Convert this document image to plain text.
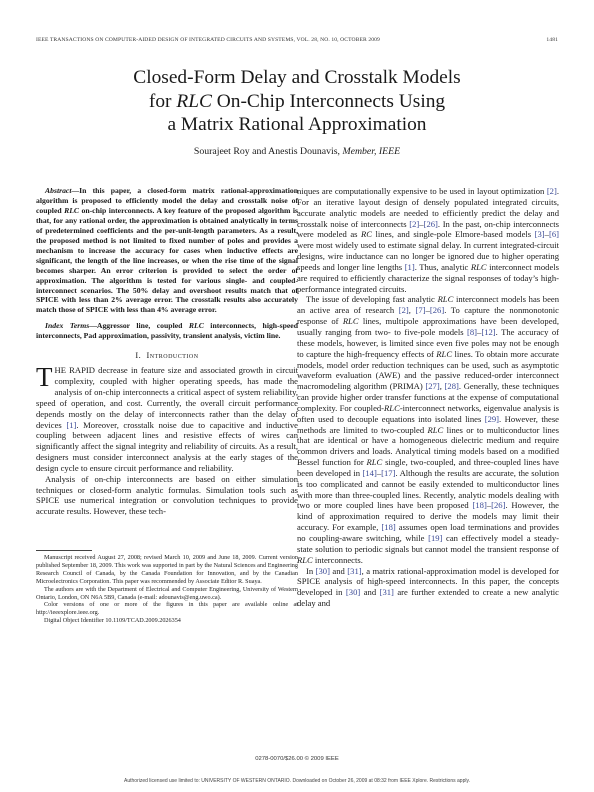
IEEE TRANSACTIONS ON COMPUTER-AIDED DESIGN OF INTEGRATED CIRCUITS AND SYSTEMS, VOL. 28, NO. 10, OCTOBER 2009	1481
Closed-Form Delay and Crosstalk Models
for RLC On-Chip Interconnects Using
a Matrix Rational Approximation
Sourajeet Roy and Anestis Dounavis, Member, IEEE

Abstract—In this paper, a closed-form matrix rational-approximation algorithm is proposed to efficiently model the delay and crosstalk noise of coupled RLC on-chip interconnects. A key feature of the proposed algorithm is that, for any rational order, the approximation is obtained analytically in terms of predetermined coefficients and the per-unit-length parameters. As a result, the proposed method is not limited to fixed number of poles and provides a mechanism to increase the accuracy for cases when inductive effects are significant, the length of the line increases, or when the rise time of the signal becomes sharper. An error criterion is provided to select the order of approximation. The algorithm is tested for various single- and coupled-interconnect scenarios. The 50% delay and overshoot results match that of SPICE with less than 2% average error. The crosstalk results also accurately match those of SPICE with less than 4% average error.

Index Terms—Aggressor line, coupled RLC interconnects, high-speed interconnects, Pad approximation, passivity, transient analysis, victim line.

I. Introduction

THE RAPID decrease in feature size and associated growth in circuit complexity, coupled with higher operating speeds, has made the analysis of on-chip interconnects a critical aspect of system reliability, speed of operation, and cost. Currently, the overall circuit performance depends mostly on the delay of interconnects rather than the delay of devices [1]. Moreover, crosstalk noise due to capacitive and inductive coupling between adjacent lines and resistive effects of wires can significantly affect the signal integrity and reliability of circuits. As a result, designers must consider interconnect analysis at the early stages of the design cycle to ensure circuit performance and reliability.

Analysis of on-chip interconnects are based on either simulation techniques or closed-form analytic formulas. Simulation tools such as SPICE use numerical integration or convolution techniques to provide accurate results. However, these tech-

Manuscript received August 27, 2008; revised March 10, 2009 and June 18, 2009. Current version published September 18, 2009. This work was supported in part by the Natural Sciences and Engineering Research Council of Canada, by the Canada Foundation for Innovation, and by the Canadian Microelectronics Corporation. This paper was recommended by Associate Editor R. Suaya.

The authors are with the Department of Electrical and Computer Engineering, University of Western Ontario, London, ON N6A 5B9, Canada (e-mail: adounavis@eng.uwo.ca).

Color versions of one or more of the figures in this paper are available online at http://ieeexplore.ieee.org.

Digital Object Identifier 10.1109/TCAD.2009.2026354

niques are computationally expensive to be used in layout optimization [2]. For an iterative layout design of densely populated integrated circuits, accurate analytic models are needed to efficiently predict the delay and crosstalk noise of interconnects [2]–[26]. In the past, on-chip interconnects were modeled as RC lines, and single-pole Elmore-based models [3]–[6] were most widely used to estimate signal delay. In current integrated-circuit designs, wire inductance can no longer be ignored due to higher operating speeds and longer line lengths [1]. Thus, analytic RLC interconnect models are required to efficiently characterize the signal responses of today’s high-performance integrated circuits.

The issue of developing fast analytic RLC interconnect models has been an active area of research [2], [7]–[26]. To capture the nonmonotonic response of RLC lines, multipole approximations have been developed, usually ranging from two- to five-pole models [8]–[12]. The accuracy of these models, however, is limited since even five poles may not be enough to capture the high-frequency effects of RLC lines. To obtain more accurate models, model order reduction techniques can be used, such as asymptotic waveform evaluation (AWE) and the passive reduced-order interconnect macromodeling algorithm (PRIMA) [27], [28]. Generally, these techniques can provide higher order transfer functions at the expense of computational complexity. For coupled-RLC-interconnect networks, eigenvalue analysis is often used to decouple equations into isolated lines [29]. However, these methods are limited to two-coupled RLC lines or to multiconductor lines that are identical or have a homogeneous dielectric medium and require common drivers and loads. Analytical timing models based on a modified Bessel function for RLC single, two-coupled, and three-coupled lines have been developed in [14]–[17]. Although the results are accurate, the solution is too complicated and cannot be easily extended to multiconductor lines with more than three-coupled lines. Recently, analytic models dealing with two or more coupled lines have been proposed [18]–[26]. However, the kind of approximation required to derive the models may limit their accuracy. For example, [18] assumes open load terminations and provides no coupling-aware switching, while [19] can effectively model a steady-state solution to periodic signals but cannot model the transient response of RLC interconnects.

In [30] and [31], a matrix rational-approximation model is developed for SPICE analysis of high-speed interconnects. In this paper, the concepts developed in [30] and [31] are further extended to create a new analytic delay and

0278-0070/$26.00 © 2009 IEEE
Authorized licensed use limited to: UNIVERSITY OF WESTERN ONTARIO. Downloaded on October 26, 2009 at 08:32 from IEEE Xplore. Restrictions apply.
